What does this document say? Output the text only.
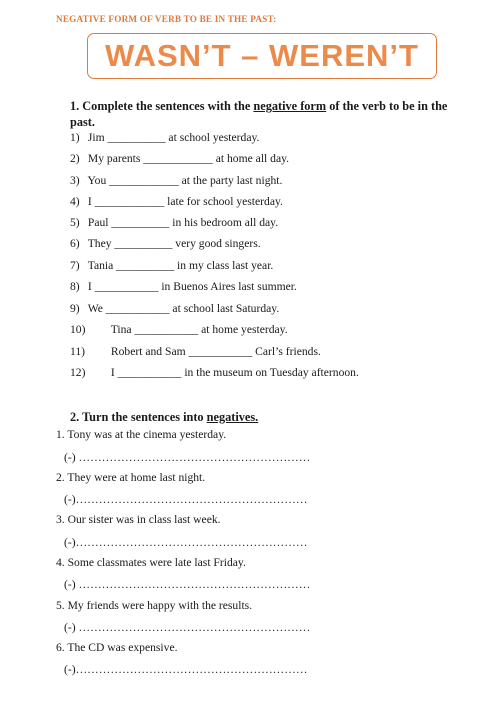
NEGATIVE FORM OF VERB TO BE IN THE PAST:
WASN’T – WEREN’T
1. Complete the sentences with the negative form of the verb to be in the past.
1) Jim __________ at school yesterday.
2) My parents ____________ at home all day.
3) You ____________ at the party last night.
4) I ____________ late for school yesterday.
5) Paul __________ in his bedroom all day.
6) They __________ very good singers.
7) Tania __________ in my class last year.
8) I ___________ in Buenos Aires last summer.
9) We ___________ at school last Saturday.
10) Tina ___________ at home yesterday.
11) Robert and Sam ___________ Carl’s friends.
12) I ___________ in the museum on Tuesday afternoon.
2. Turn the sentences into negatives.
1. Tony was at the cinema yesterday.
(-) ……………………………………………………
2. They were at home last night.
(-)……………………………………………………
3. Our sister was in class last week.
(-)……………………………………………………
4. Some classmates were late last Friday.
(-) ……………………………………………………
5. My friends were happy with the results.
(-) ……………………………………………………
6. The CD was expensive.
(-)……………………………………………………
